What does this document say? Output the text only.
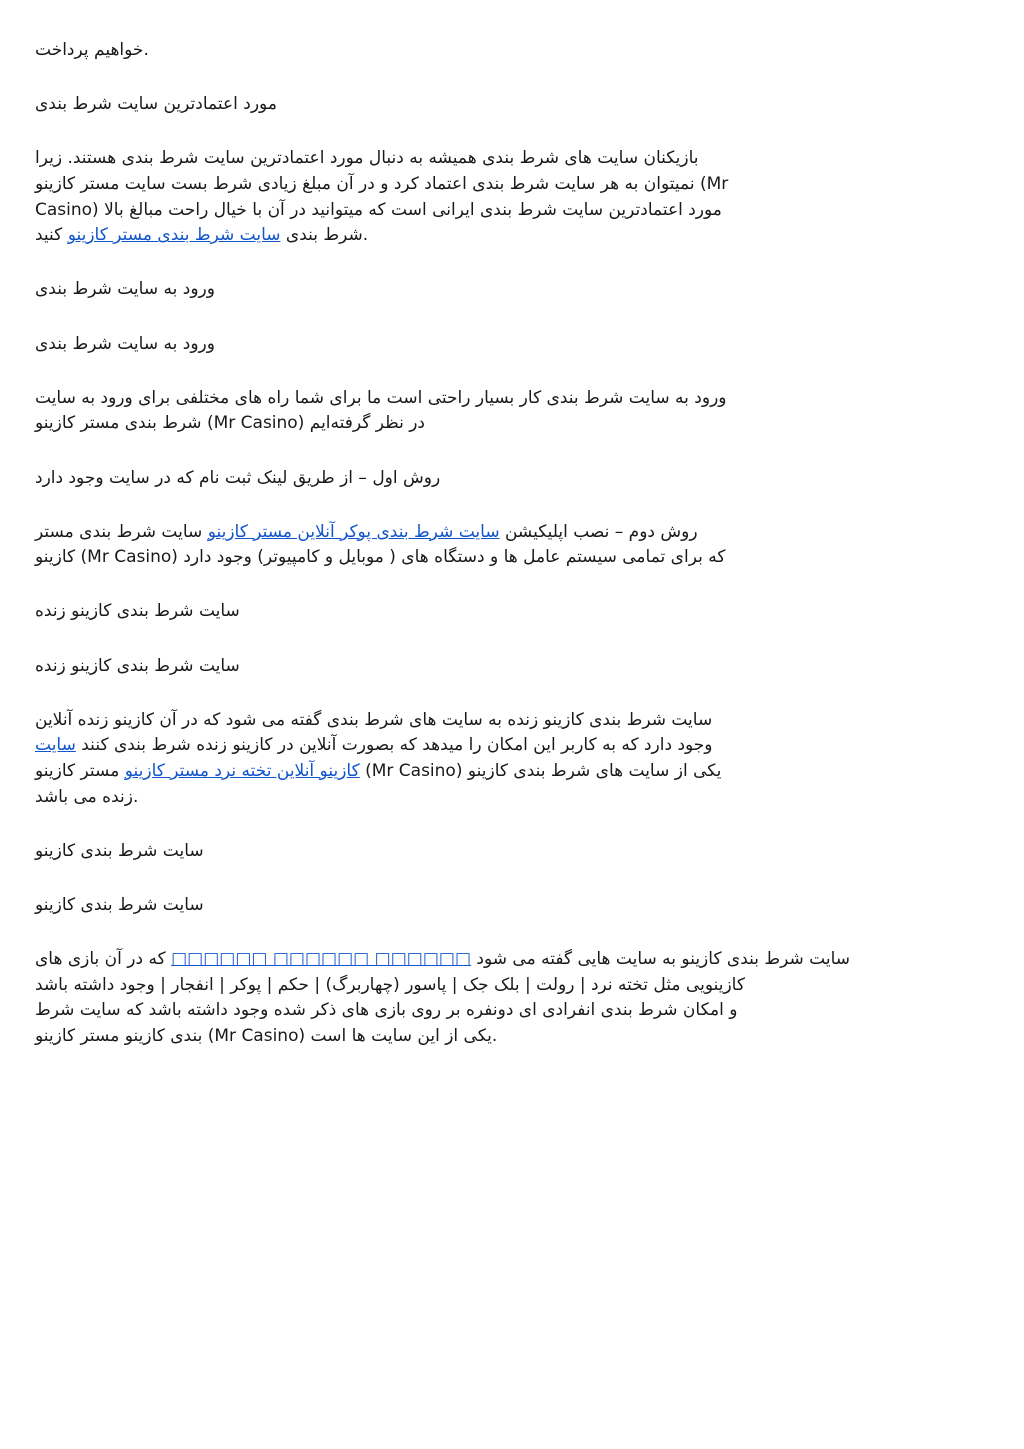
خواهیم پرداخت.
مورد اعتمادترین سایت شرط بندی
بازیکنان سایت های شرط بندی همیشه به دنبال مورد اعتمادترین سایت شرط بندی هستند. زیرا
نمیتوان به هر سایت شرط بندی اعتماد کرد و در آن مبلغ زیادی شرط بست سایت مستر کازینو (Mr
Casino) مورد اعتمادترین سایت شرط بندی ایرانی است که میتوانید در آن با خیال راحت مبالغ بالا
شرط بندی سایت شرط بندی مستر کازینو کنید.
ورود به سایت شرط بندی
ورود به سایت شرط بندی
ورود به سایت شرط بندی کار بسیار راحتی است ما برای شما راه های مختلفی برای ورود به سایت
شرط بندی مستر کازینو (Mr Casino) در نظر گرفته‌ایم
روش اول – از طریق لینک ثبت نام که در سایت وجود دارد
روش دوم – نصب اپلیکیشن سایت شرط بندی پوکر آنلاین مستر کازینو سایت شرط بندی مستر
کازینو (Mr Casino) که برای تمامی سیستم عامل ها و دستگاه های ( موبایل و کامپیوتر) وجود دارد
سایت شرط بندی کازینو زنده
سایت شرط بندی کازینو زنده
سایت شرط بندی کازینو زنده به سایت های شرط بندی گفته می شود که در آن کازینو زنده آنلاین
وجود دارد که به کاربر این امکان را میدهد که بصورت آنلاین در کازینو زنده شرط بندی کنند سایت
کازینو آنلاین تخته نرد مستر کازینو مستر کازینو (Mr Casino) یکی از سایت های شرط بندی کازینو
زنده می باشد.
سایت شرط بندی کازینو
سایت شرط بندی کازینو
سایت شرط بندی کازینو به سایت هایی گفته می شود □□□□□□ □□□□□□ □□□□□□ که در آن بازی های
کازینویی مثل تخته نرد | رولت | بلک جک | پاسور (چهاربرگ) | حکم | پوکر | انفجار | وجود داشته باشد
و امکان شرط بندی انفرادی ای دونفره بر روی بازی های ذکر شده وجود داشته باشد که سایت شرط
بندی کازینو مستر کازینو (Mr Casino) یکی از این سایت ها است.
